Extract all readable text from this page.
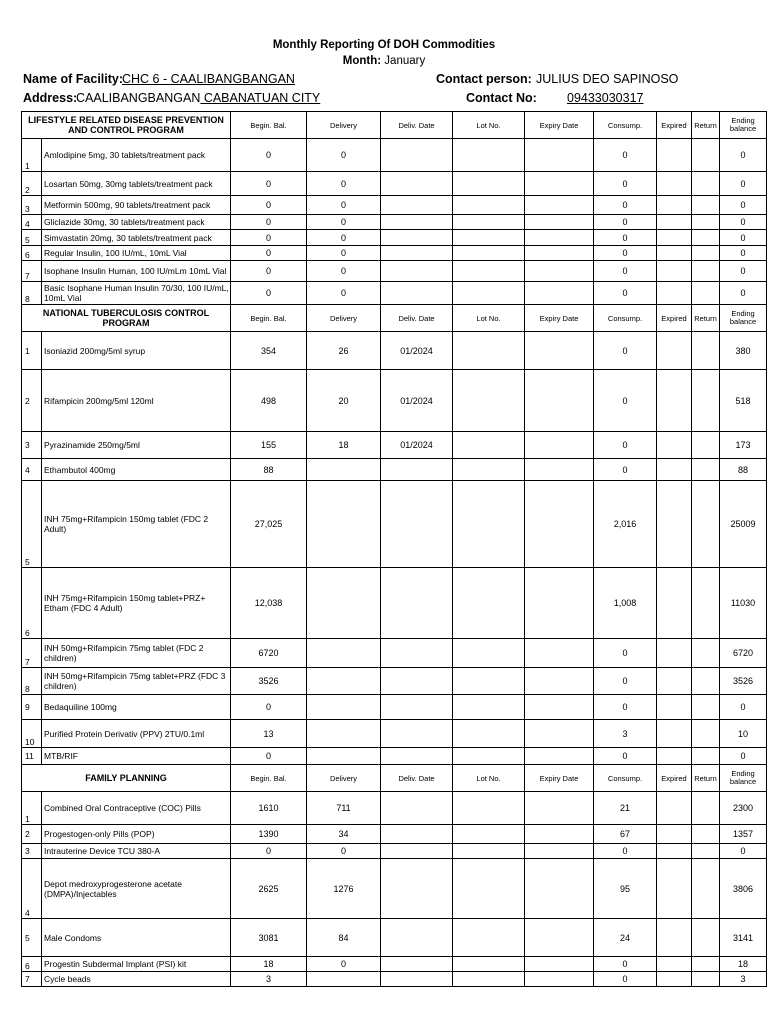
Monthly Reporting Of DOH Commodities
Month: January
Name of Facility:
CHC 6 - CAALIBANGBANGAN	Contact person: JULIUS DEO SAPINOSO
Address:
CAALIBANGBANGAN CABANATUAN CITY	Contact No: 09433030317
LIFESTYLE RELATED DISEASE PREVENTION AND CONTROL PROGRAM		Begin. Bal.	Delivery	Deliv. Date	Lot No.	Expiry Date	Consump.	Expired	Return	Ending balance
1	Amlodipine 5mg, 30 tablets/treatment pack	0	0				0			0
2	Losartan 50mg, 30mg tablets/treatment pack	0	0				0			0
3	Metformin 500mg, 90 tablets/treatment pack	0	0				0			0
4	Gliclazide 30mg, 30 tablets/treatment pack	0	0				0			0
5	Simvastatin 20mg, 30 tablets/treatment pack	0	0				0			0
6	Regular Insulin, 100 IU/mL, 10mL Vial	0	0				0			0
7	Isophane Insulin Human, 100 IU/mLm 10mL Vial	0	0				0			0
8	Basic Isophane Human Insulin 70/30, 100 IU/mL, 10mL Vial	0	0				0			0
NATIONAL TUBERCULOSIS CONTROL PROGRAM		Begin. Bal.	Delivery	Deliv. Date	Lot No.	Expiry Date	Consump.	Expired	Return	Ending balance
1	Isoniazid 200mg/5ml syrup	354	26	01/2024			0			380
2	Rifampicin 200mg/5ml 120ml	498	20	01/2024			0			518
3	Pyrazinamide 250mg/5ml	155	18	01/2024			0			173
4	Ethambutol 400mg	88					0			88
5	INH 75mg+Rifampicin 150mg tablet (FDC 2 Adult)	27,025					2,016			25009
6	INH 75mg+Rifampicin 150mg tablet+PRZ+ Etham (FDC 4 Adult)	12,038					1,008			11030
7	INH 50mg+Rifampicin 75mg tablet (FDC 2 children)	6720					0			6720
8	INH 50mg+Rifampicin 75mg tablet+PRZ (FDC 3 children)	3526					0			3526
9	Bedaquiline 100mg	0					0			0
10	Purified Protein Derivativ (PPV) 2TU/0.1ml	13					3			10
11	MTB/RIF	0					0			0
FAMILY PLANNING		Begin. Bal.	Delivery	Deliv. Date	Lot No.	Expiry Date	Consump.	Expired	Return	Ending balance
1	Combined Oral Contraceptive (COC) Pills	1610	711				21			2300
2	Progestogen-only Pills (POP)	1390	34				67			1357
3	Intrauterine Device TCU 380-A	0	0				0			0
4	Depot medroxyprogesterone acetate (DMPA)/Injectables	2625	1276				95			3806
5	Male Condoms	3081	84				24			3141
6	Progestin Subdermal Implant (PSI) kit	18	0				0			18
7	Cycle beads	3					0			3
